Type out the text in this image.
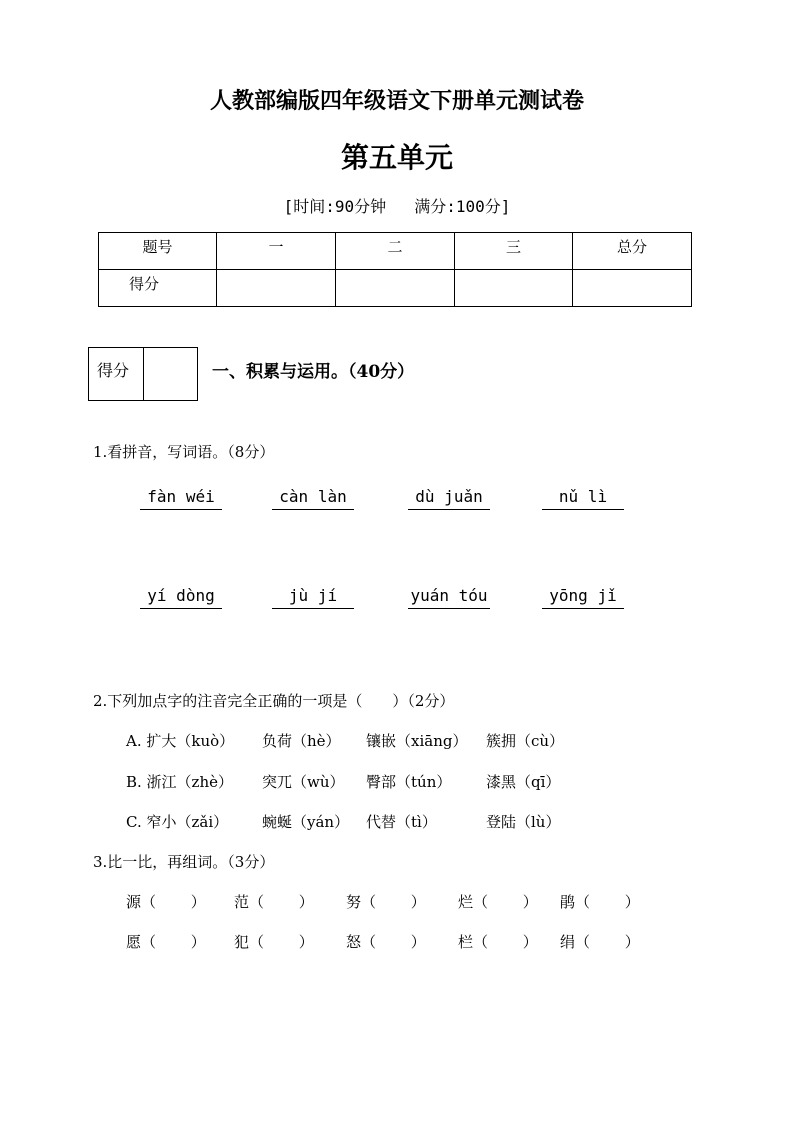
人教部编版四年级语文下册单元测试卷
第五单元
[时间:90分钟 满分:100分]
题号	一	二	三	总分
得分				
得分	一、积累与运用。（40分）
1.看拼音，写词语。（8分）
fàn wéi	càn làn	dù juǎn	nǔ lì
yí dòng	jù jí	yuán tóu	yōng jǐ
2.下列加点字的注音完全正确的一项是（　　）（2分）
A. 扩大（kuò） 负荷（hè） 镶嵌（xiāng） 簇拥（cù）
B. 浙江（zhè） 突兀（wù） 臀部（tún） 漆黑（qī）
C. 窄小（zǎi） 蜿蜒（yán） 代替（tì）	登陆（lù）
3.比一比，再组词。（3分）
源（　　 ） 范（　　 ） 努（　　 ） 烂（　　 ） 鹃（　　 ）
愿（　　 ） 犯（　　 ） 怒（　　 ） 栏（　　 ） 绢（　　 ）
